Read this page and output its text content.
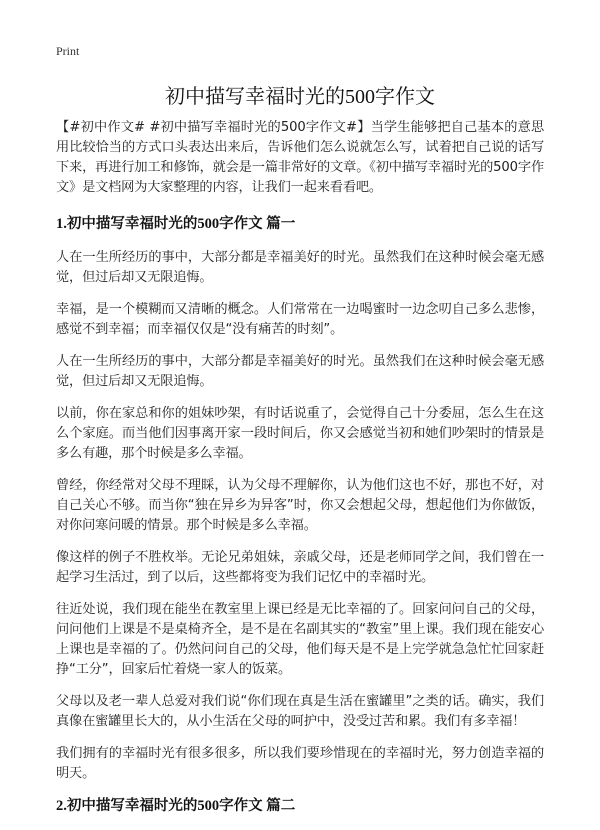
Print
初中描写幸福时光的500字作文

【#初中作文# #初中描写幸福时光的500字作文#】当学生能够把自己基本的意思用比较恰当的方式口头表达出来后，告诉他们怎么说就怎么写，试着把自己说的话写下来，再进行加工和修饰，就会是一篇非常好的文章。《初中描写幸福时光的500字作文》是文档网为大家整理的内容，让我们一起来看看吧。

1.初中描写幸福时光的500字作文 篇一

人在一生所经历的事中，大部分都是幸福美好的时光。虽然我们在这种时候会毫无感觉，但过后却又无限追悔。

幸福，是一个模糊而又清晰的概念。人们常常在一边喝蜜时一边念叨自己多么悲惨，感觉不到幸福；而幸福仅仅是“没有痛苦的时刻”。

人在一生所经历的事中，大部分都是幸福美好的时光。虽然我们在这种时候会毫无感觉，但过后却又无限追悔。

以前，你在家总和你的姐妹吵架，有时话说重了，会觉得自己十分委屈，怎么生在这么个家庭。而当他们因事离开家一段时间后，你又会感觉当初和她们吵架时的情景是多么有趣，那个时候是多么幸福。

曾经，你经常对父母不理睬，认为父母不理解你，认为他们这也不好，那也不好，对自己关心不够。而当你“独在异乡为异客”时，你又会想起父母，想起他们为你做饭，对你问寒问暖的情景。那个时候是多么幸福。

像这样的例子不胜枚举。无论兄弟姐妹，亲戚父母，还是老师同学之间，我们曾在一起学习生活过，到了以后，这些都将变为我们记忆中的幸福时光。

往近处说，我们现在能坐在教室里上课已经是无比幸福的了。回家问问自己的父母，问问他们上课是不是桌椅齐全，是不是在名副其实的“教室”里上课。我们现在能安心上课也是幸福的了。仍然问问自己的父母，他们每天是不是上完学就急急忙忙回家赶挣“工分”，回家后忙着烧一家人的饭菜。

父母以及老一辈人总爱对我们说“你们现在真是生活在蜜罐里”之类的话。确实，我们真像在蜜罐里长大的，从小生活在父母的呵护中，没受过苦和累。我们有多幸福！

我们拥有的幸福时光有很多很多，所以我们要珍惜现在的幸福时光，努力创造幸福的明天。

2.初中描写幸福时光的500字作文 篇二
